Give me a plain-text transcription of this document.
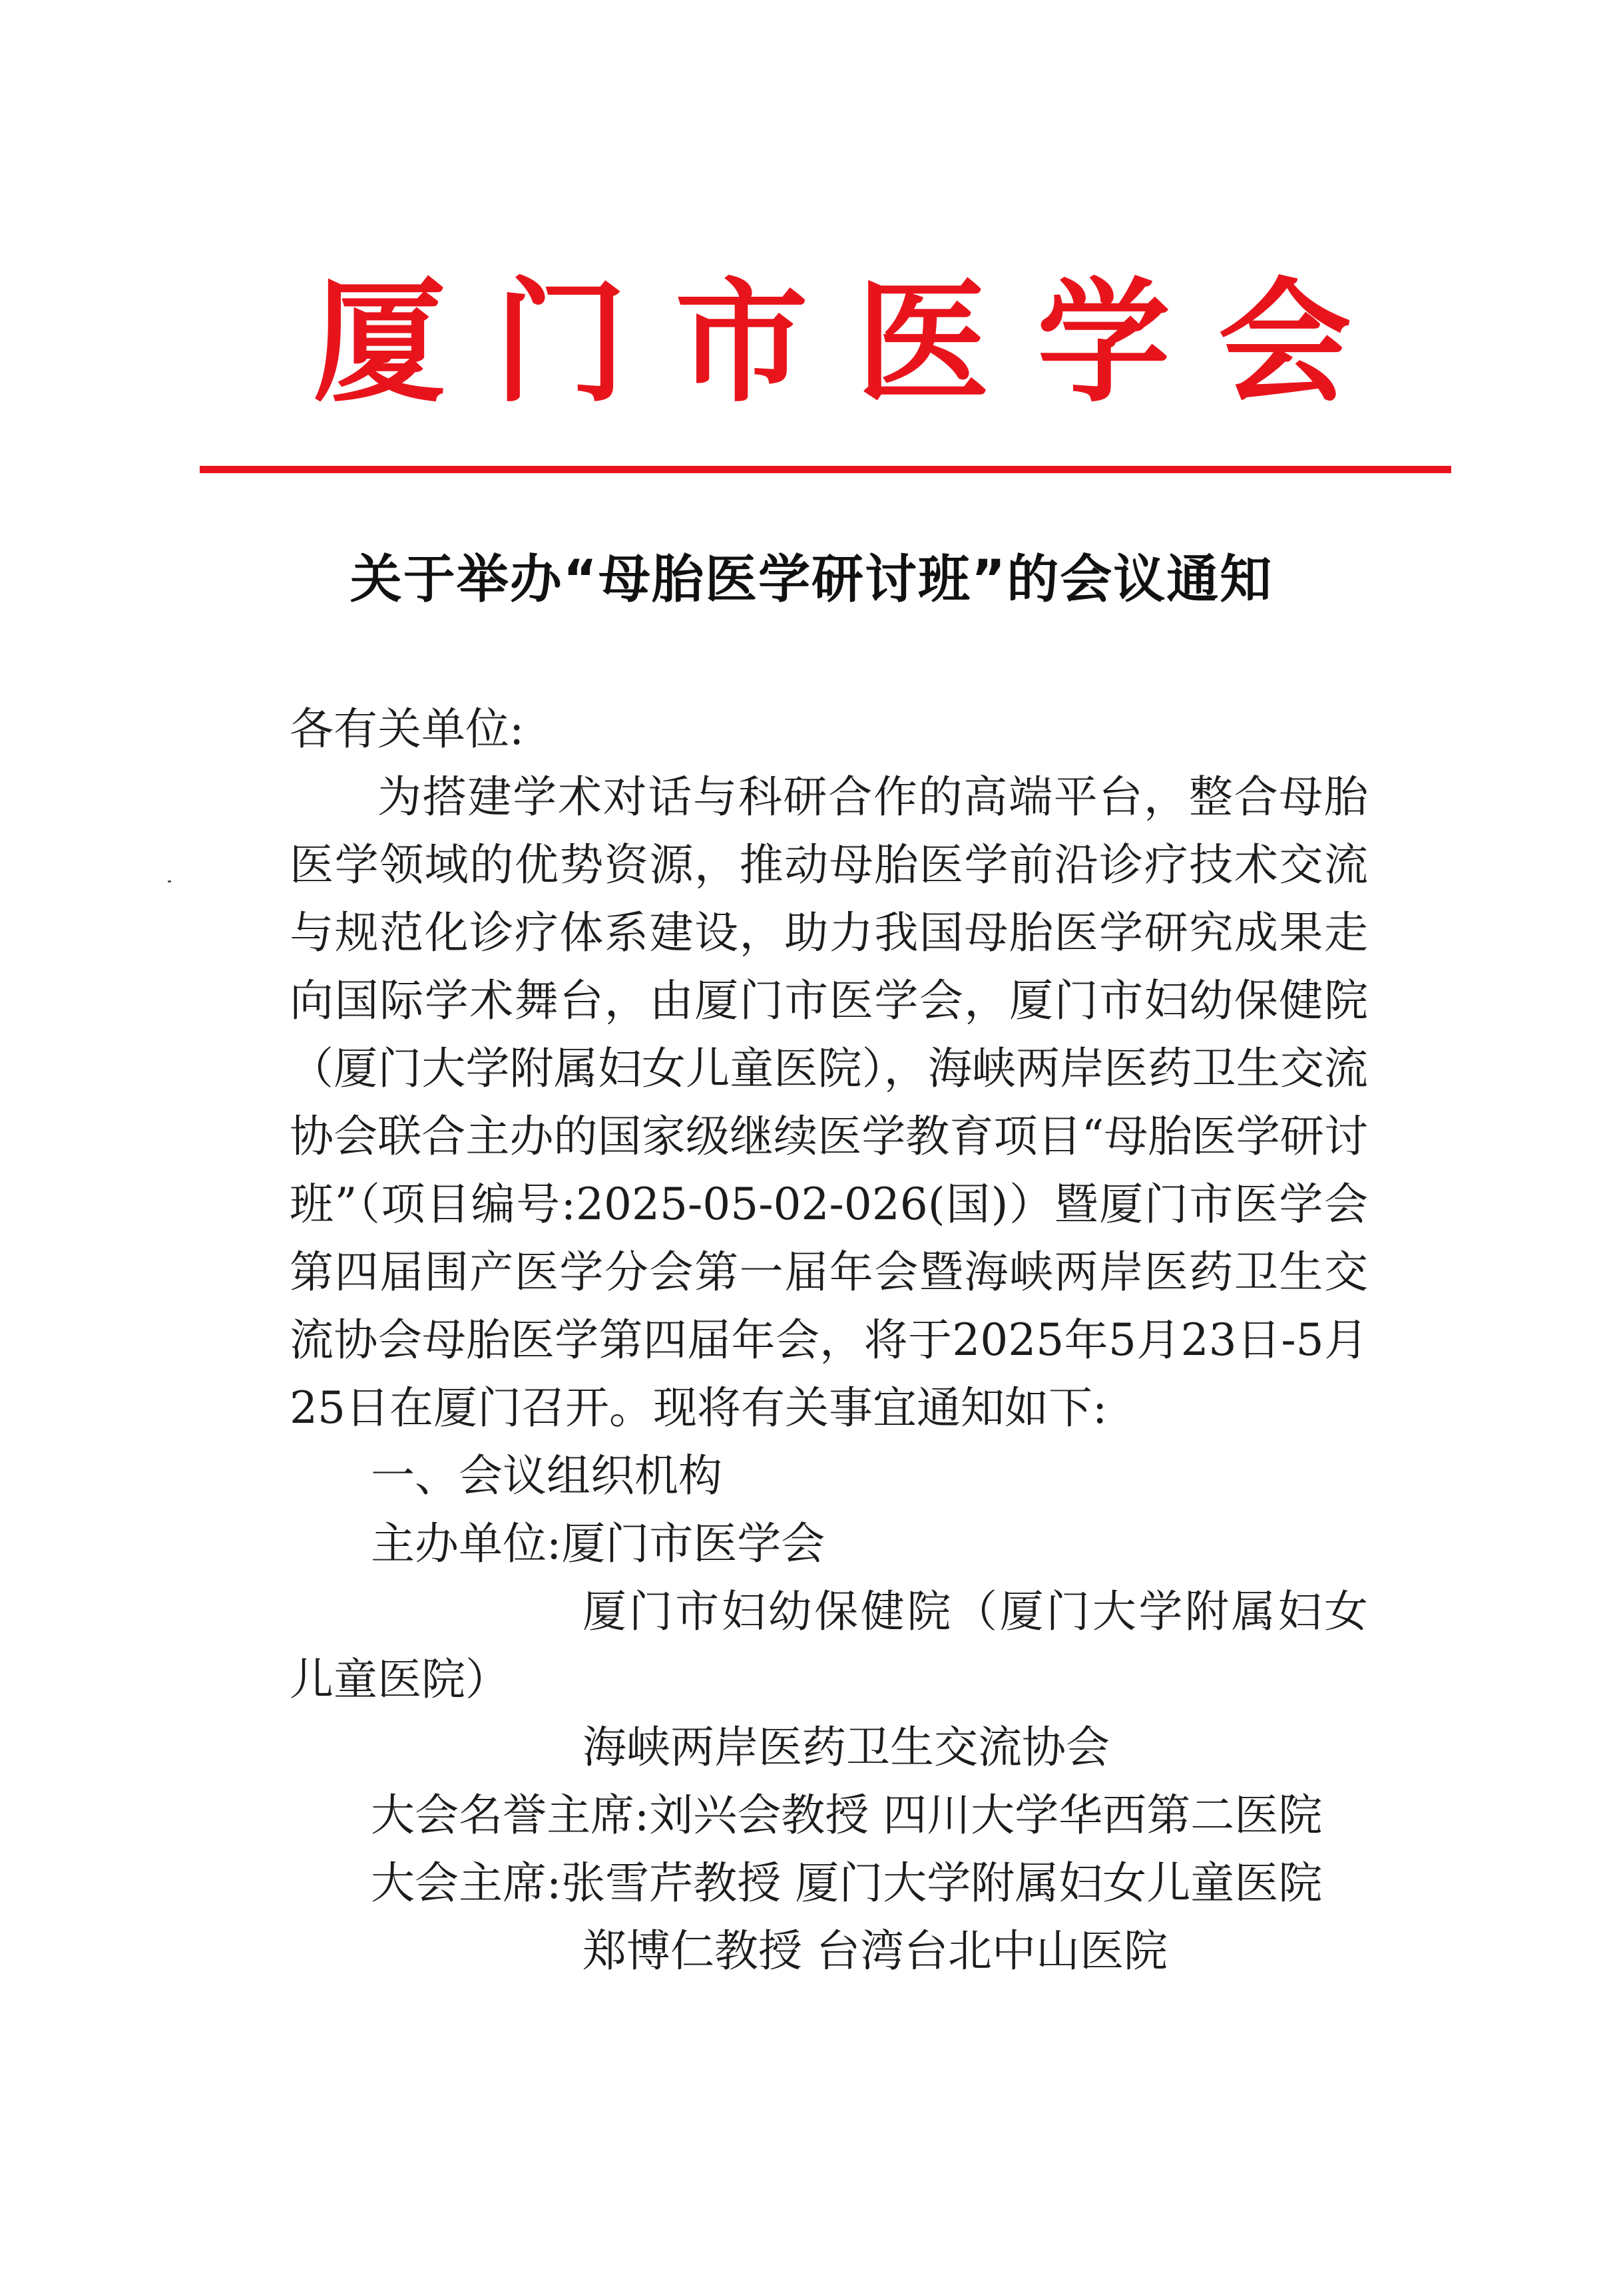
厦 门 市 医 学 会
关于举办“母胎医学研讨班”的会议通知

各有关单位:

为搭建学术对话与科研合作的高端平台，整合母胎医学领域的优势资源，推动母胎医学前沿诊疗技术交流与规范化诊疗体系建设，助力我国母胎医学研究成果走向国际学术舞台，由厦门市医学会，厦门市妇幼保健院（厦门大学附属妇女儿童医院），海峡两岸医药卫生交流协会联合主办的国家级继续医学教育项目“母胎医学研讨班”（项目编号:2025-05-02-026(国)）暨厦门市医学会第四届围产医学分会第一届年会暨海峡两岸医药卫生交流协会母胎医学第四届年会，将于2025年5月23日-5月25日在厦门召开。现将有关事宜通知如下:

一、会议组织机构

主办单位:厦门市医学会

厦门市妇幼保健院（厦门大学附属妇女儿童医院）

海峡两岸医药卫生交流协会

大会名誉主席:刘兴会教授 四川大学华西第二医院

大会主席:张雪芹教授 厦门大学附属妇女儿童医院

郑博仁教授 台湾台北中山医院
